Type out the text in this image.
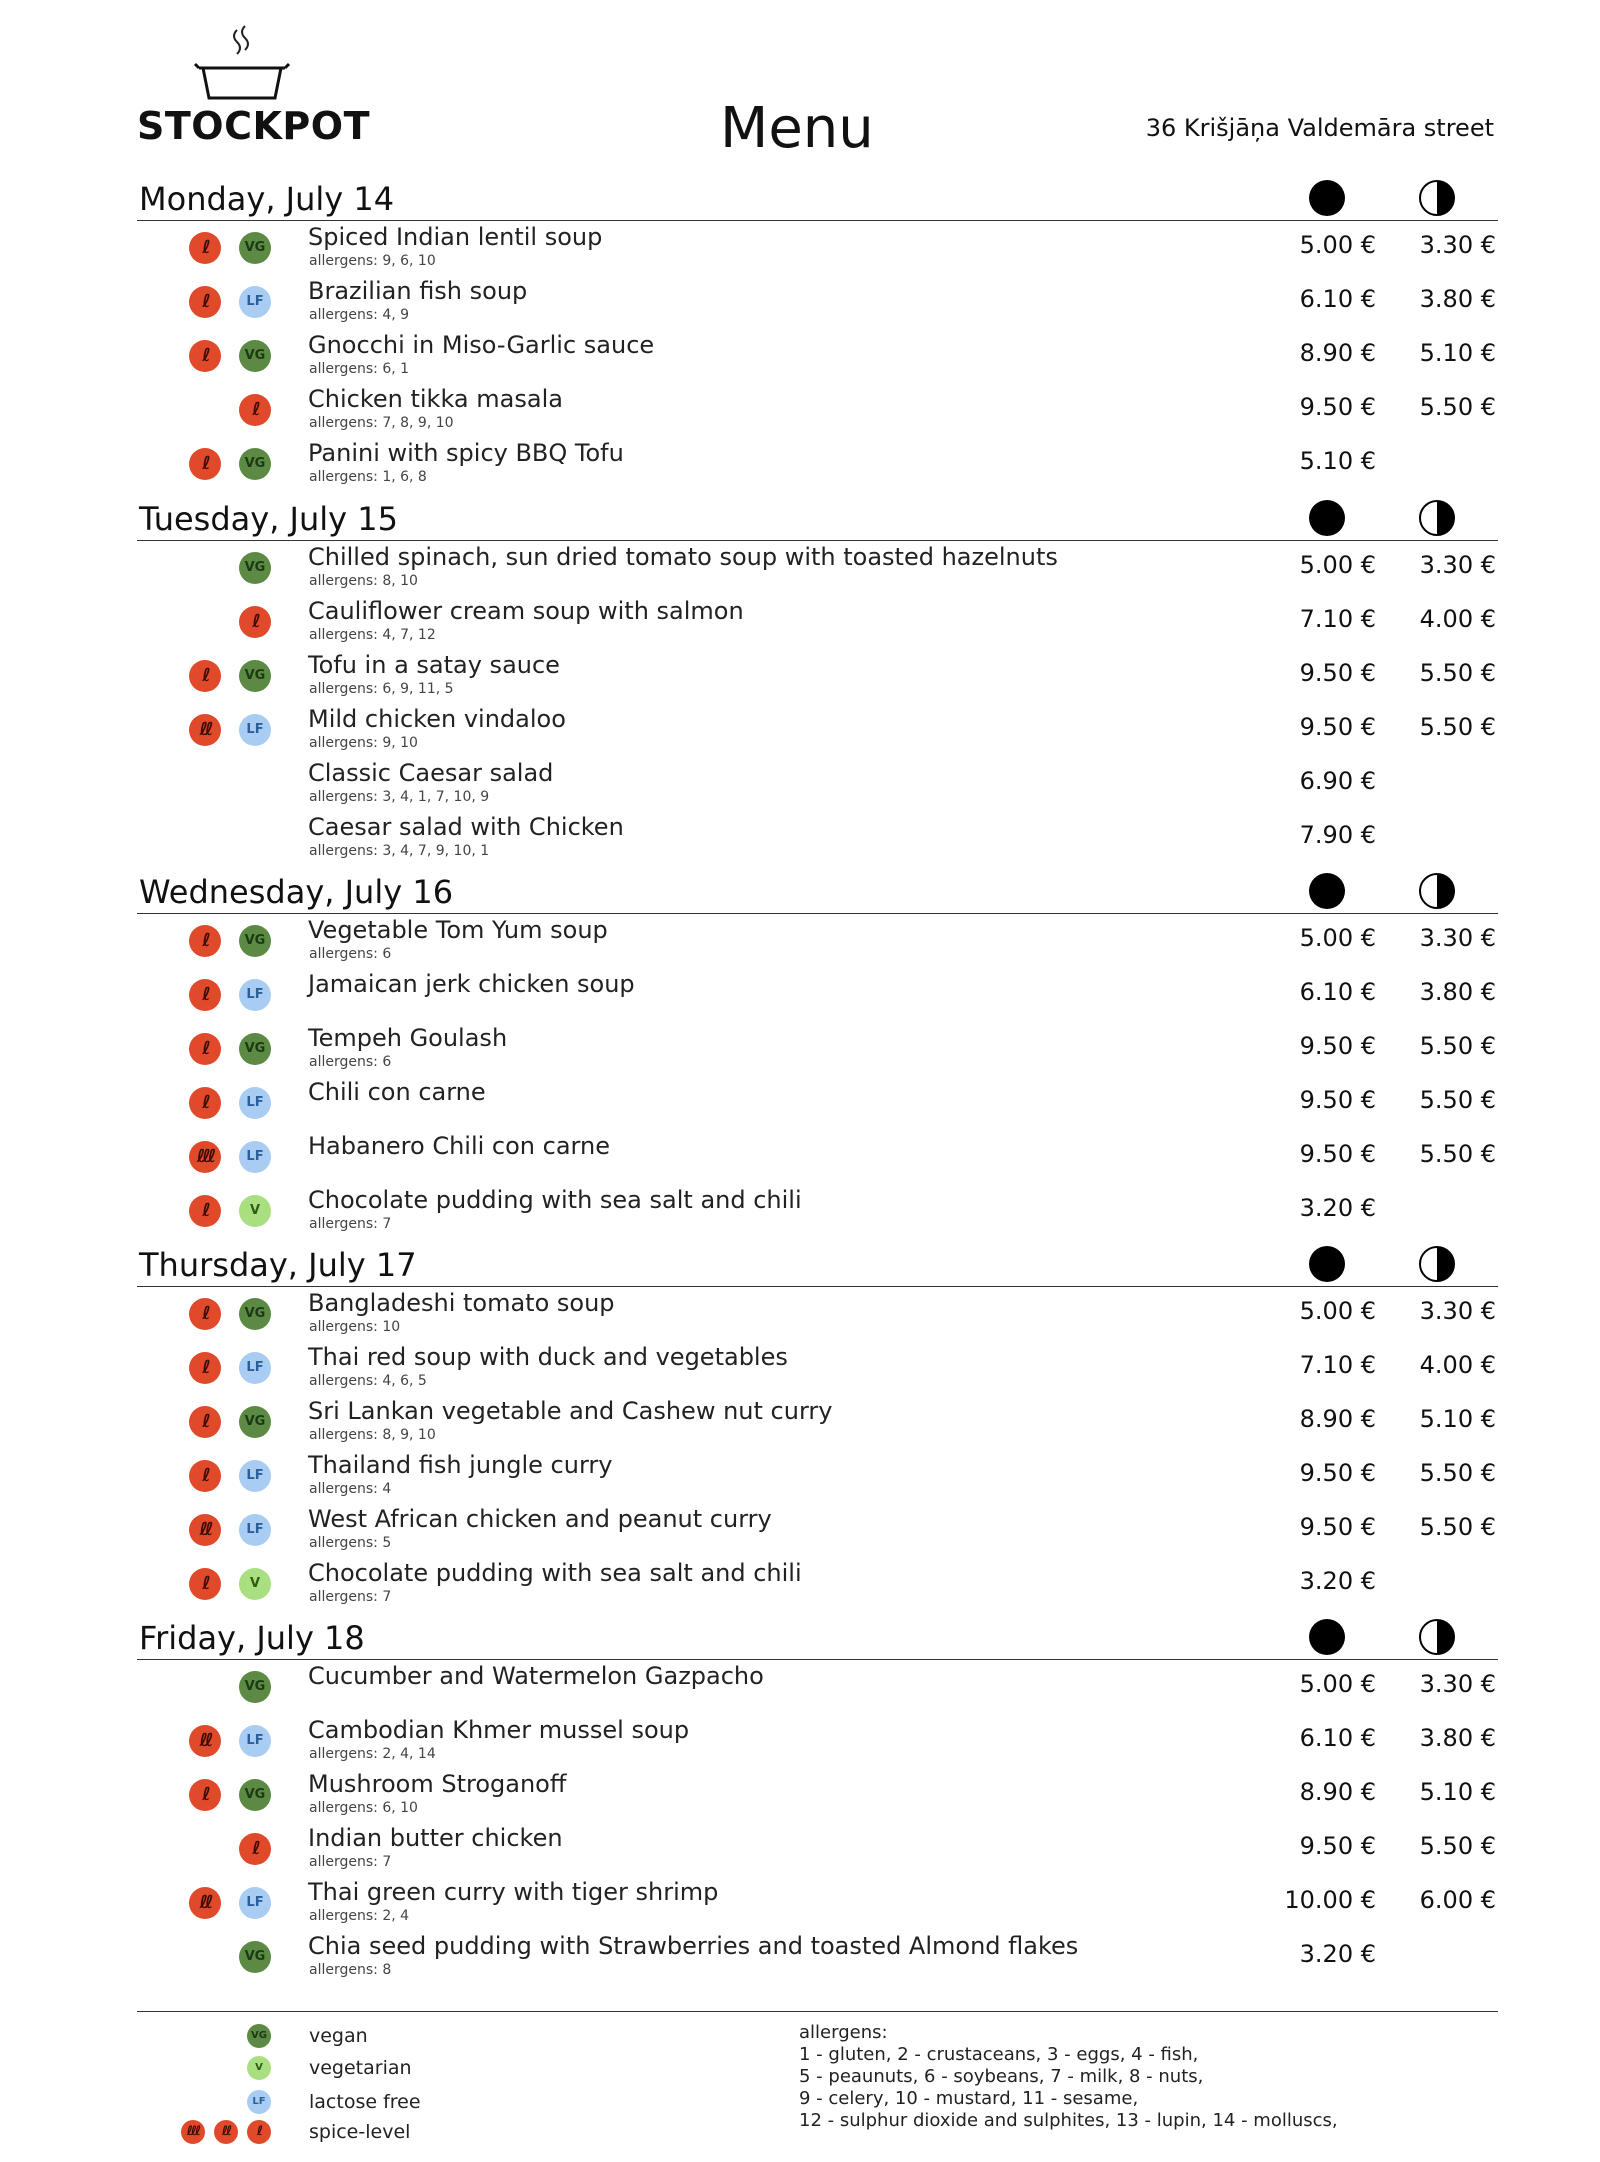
STOCKPOT	Menu	36 Krišjāņa Valdemāra street
Monday, July 14
ℓ	VG Spiced Indian lentil soup
allergens: 9, 6, 10
5.00 € 3.30 €
ℓ	LF	Brazilian fish soup
allergens: 4, 9
6.10 € 3.80 €
ℓ	VG Gnocchi in Miso-Garlic sauce
allergens: 6, 1
8.90 € 5.10 €
ℓ	Chicken tikka masala
allergens: 7, 8, 9, 10
9.50 € 5.50 €
ℓ	VG Panini with spicy BBQ Tofu
allergens: 1, 6, 8
5.10 €
Tuesday, July 15
VG Chilled spinach, sun dried tomato soup with toasted hazelnuts
allergens: 8, 10
5.00 € 3.30 €
ℓ	Cauliflower cream soup with salmon
allergens: 4, 7, 12
7.10 € 4.00 €
ℓ	VG Tofu in a satay sauce
allergens: 6, 9, 11, 5
9.50 € 5.50 €
ℓℓ	LF	Mild chicken vindaloo
allergens: 9, 10
9.50 € 5.50 €
Classic Caesar salad
allergens: 3, 4, 1, 7, 10, 9
6.90 €
Caesar salad with Chicken
allergens: 3, 4, 7, 9, 10, 1
7.90 €
Wednesday, July 16
ℓ	VG Vegetable Tom Yum soup
allergens: 6
5.00 € 3.30 €
ℓ	LF	Jamaican jerk chicken soup	6.10 € 3.80 €
ℓ	VG Tempeh Goulash
allergens: 6
9.50 € 5.50 €
ℓ	LF	Chili con carne	9.50 € 5.50 €
ℓℓℓ	LF	Habanero Chili con carne	9.50 € 5.50 €
ℓ	V	Chocolate pudding with sea salt and chili
allergens: 7
3.20 €
Thursday, July 17
ℓ	VG Bangladeshi tomato soup
allergens: 10
5.00 € 3.30 €
ℓ	LF	Thai red soup with duck and vegetables
allergens: 4, 6, 5
7.10 € 4.00 €
ℓ	VG Sri Lankan vegetable and Cashew nut curry
allergens: 8, 9, 10
8.90 € 5.10 €
ℓ	LF	Thailand fish jungle curry
allergens: 4
9.50 € 5.50 €
ℓℓ	LF	West African chicken and peanut curry
allergens: 5
9.50 € 5.50 €
ℓ	V	Chocolate pudding with sea salt and chili
allergens: 7
3.20 €
Friday, July 18
VG Cucumber and Watermelon Gazpacho	5.00 € 3.30 €
ℓℓ	LF	Cambodian Khmer mussel soup
allergens: 2, 4, 14
6.10 € 3.80 €
ℓ	VG Mushroom Stroganoff
allergens: 6, 10
8.90 € 5.10 €
ℓ	Indian butter chicken
allergens: 7
9.50 € 5.50 €
ℓℓ	LF	Thai green curry with tiger shrimp
allergens: 2, 4
10.00 € 6.00 €
VG Chia seed pudding with Strawberries and toasted Almond flakes
allergens: 8
3.20 €
VG vegan
V	vegetarian
LF lactose free
ℓℓℓ	ℓℓ	ℓ	spice-level
allergens:
1 - gluten, 2 - crustaceans, 3 - eggs, 4 - fish,
5 - peaunuts, 6 - soybeans, 7 - milk, 8 - nuts,
9 - celery, 10 - mustard, 11 - sesame,
12 - sulphur dioxide and sulphites, 13 - lupin, 14 - molluscs,
